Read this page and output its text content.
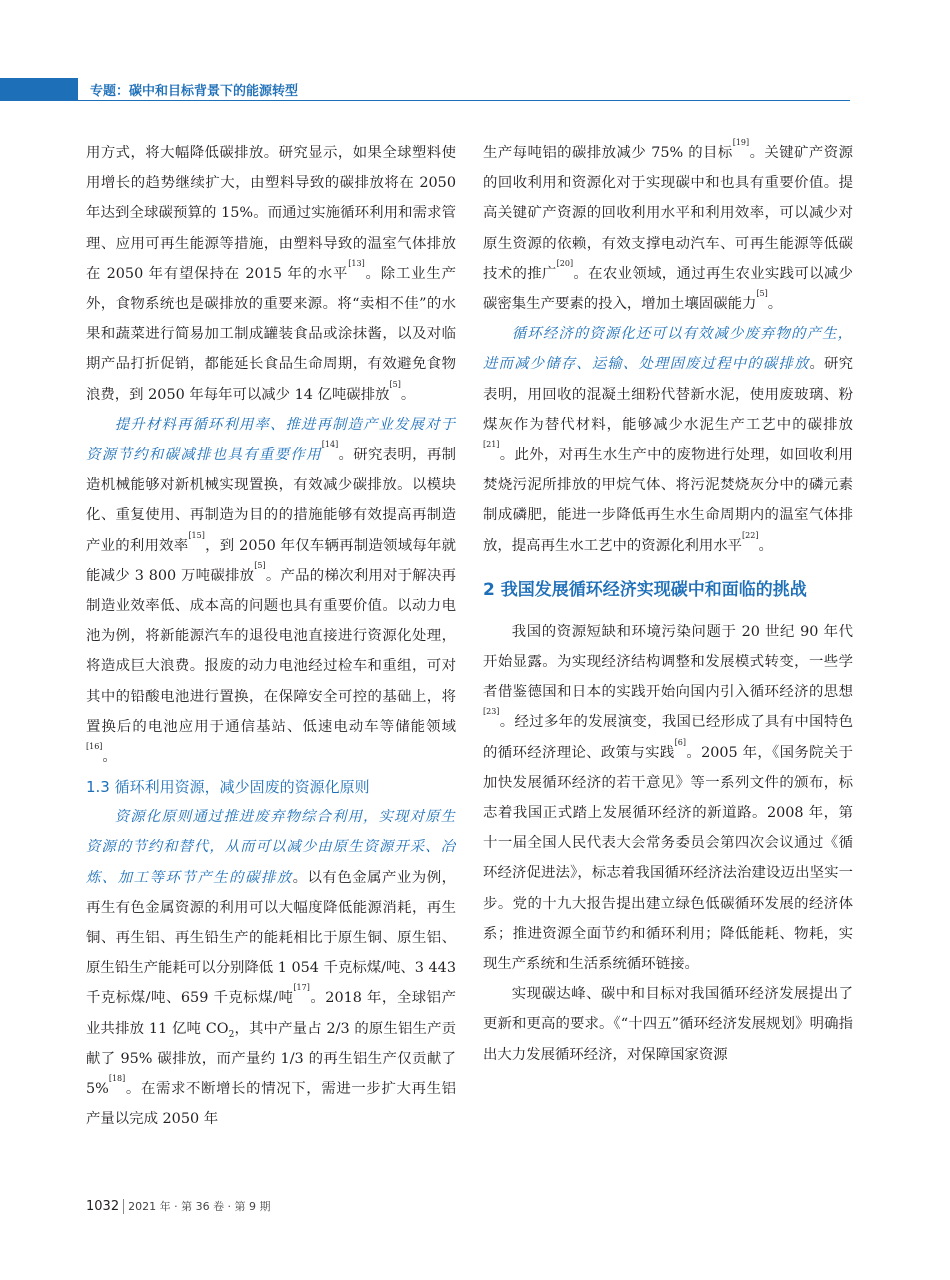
专题：碳中和目标背景下的能源转型

用方式，将大幅降低碳排放。研究显示，如果全球塑料使用增长的趋势继续扩大，由塑料导致的碳排放将在 2050 年达到全球碳预算的 15%。而通过实施循环利用和需求管理、应用可再生能源等措施，由塑料导致的温室气体排放在 2050 年有望保持在 2015 年的水平[13]。除工业生产外，食物系统也是碳排放的重要来源。将“卖相不佳”的水果和蔬菜进行简易加工制成罐装食品或涂抹酱，以及对临期产品打折促销，都能延长食品生命周期，有效避免食物浪费，到 2050 年每年可以减少 14 亿吨碳排放[5]。

提升材料再循环利用率、推进再制造产业发展对于资源节约和碳减排也具有重要作用[14]。研究表明，再制造机械能够对新机械实现置换，有效减少碳排放。以模块化、重复使用、再制造为目的的措施能够有效提高再制造产业的利用效率[15]，到 2050 年仅车辆再制造领域每年就能减少 3 800 万吨碳排放[5]。产品的梯次利用对于解决再制造业效率低、成本高的问题也具有重要价值。以动力电池为例，将新能源汽车的退役电池直接进行资源化处理，将造成巨大浪费。报废的动力电池经过检车和重组，可对其中的铅酸电池进行置换，在保障安全可控的基础上，将置换后的电池应用于通信基站、低速电动车等储能领域[16]。

1.3 循环利用资源，减少固废的资源化原则

资源化原则通过推进废弃物综合利用，实现对原生资源的节约和替代，从而可以减少由原生资源开采、冶炼、加工等环节产生的碳排放。以有色金属产业为例，再生有色金属资源的利用可以大幅度降低能源消耗，再生铜、再生铝、再生铅生产的能耗相比于原生铜、原生铝、原生铅生产能耗可以分别降低 1 054 千克标煤/吨、3 443 千克标煤/吨、659 千克标煤/吨[17]。2018 年，全球铝产业共排放 11 亿吨 $CO_2$，其中产量占 2/3 的原生铝生产贡献了 95% 碳排放，而产量约 1/3 的再生铝生产仅贡献了 5%[18]。在需求不断增长的情况下，需进一步扩大再生铝产量以完成 2050 年

生产每吨铝的碳排放减少 75% 的目标[19]。关键矿产资源的回收利用和资源化对于实现碳中和也具有重要价值。提高关键矿产资源的回收利用水平和利用效率，可以减少对原生资源的依赖，有效支撑电动汽车、可再生能源等低碳技术的推广[20]。在农业领域，通过再生农业实践可以减少碳密集生产要素的投入，增加土壤固碳能力[5]。

循环经济的资源化还可以有效减少废弃物的产生，进而减少储存、运输、处理固废过程中的碳排放。研究表明，用回收的混凝土细粉代替新水泥，使用废玻璃、粉煤灰作为替代材料，能够减少水泥生产工艺中的碳排放[21]。此外，对再生水生产中的废物进行处理，如回收利用焚烧污泥所排放的甲烷气体、将污泥焚烧灰分中的磷元素制成磷肥，能进一步降低再生水生命周期内的温室气体排放，提高再生水工艺中的资源化利用水平[22]。

2 我国发展循环经济实现碳中和面临的挑战

我国的资源短缺和环境污染问题于 20 世纪 90 年代开始显露。为实现经济结构调整和发展模式转变，一些学者借鉴德国和日本的实践开始向国内引入循环经济的思想[23]。经过多年的发展演变，我国已经形成了具有中国特色的循环经济理论、政策与实践[6]。2005 年，《国务院关于加快发展循环经济的若干意见》等一系列文件的颁布，标志着我国正式踏上发展循环经济的新道路。2008 年，第十一届全国人民代表大会常务委员会第四次会议通过《循环经济促进法》，标志着我国循环经济法治建设迈出坚实一步。党的十九大报告提出建立绿色低碳循环发展的经济体系；推进资源全面节约和循环利用；降低能耗、物耗，实现生产系统和生活系统循环链接。

实现碳达峰、碳中和目标对我国循环经济发展提出了更新和更高的要求。《“十四五”循环经济发展规划》明确指出大力发展循环经济，对保障国家资源

1032 2021 年 · 第 36 卷 · 第 9 期
